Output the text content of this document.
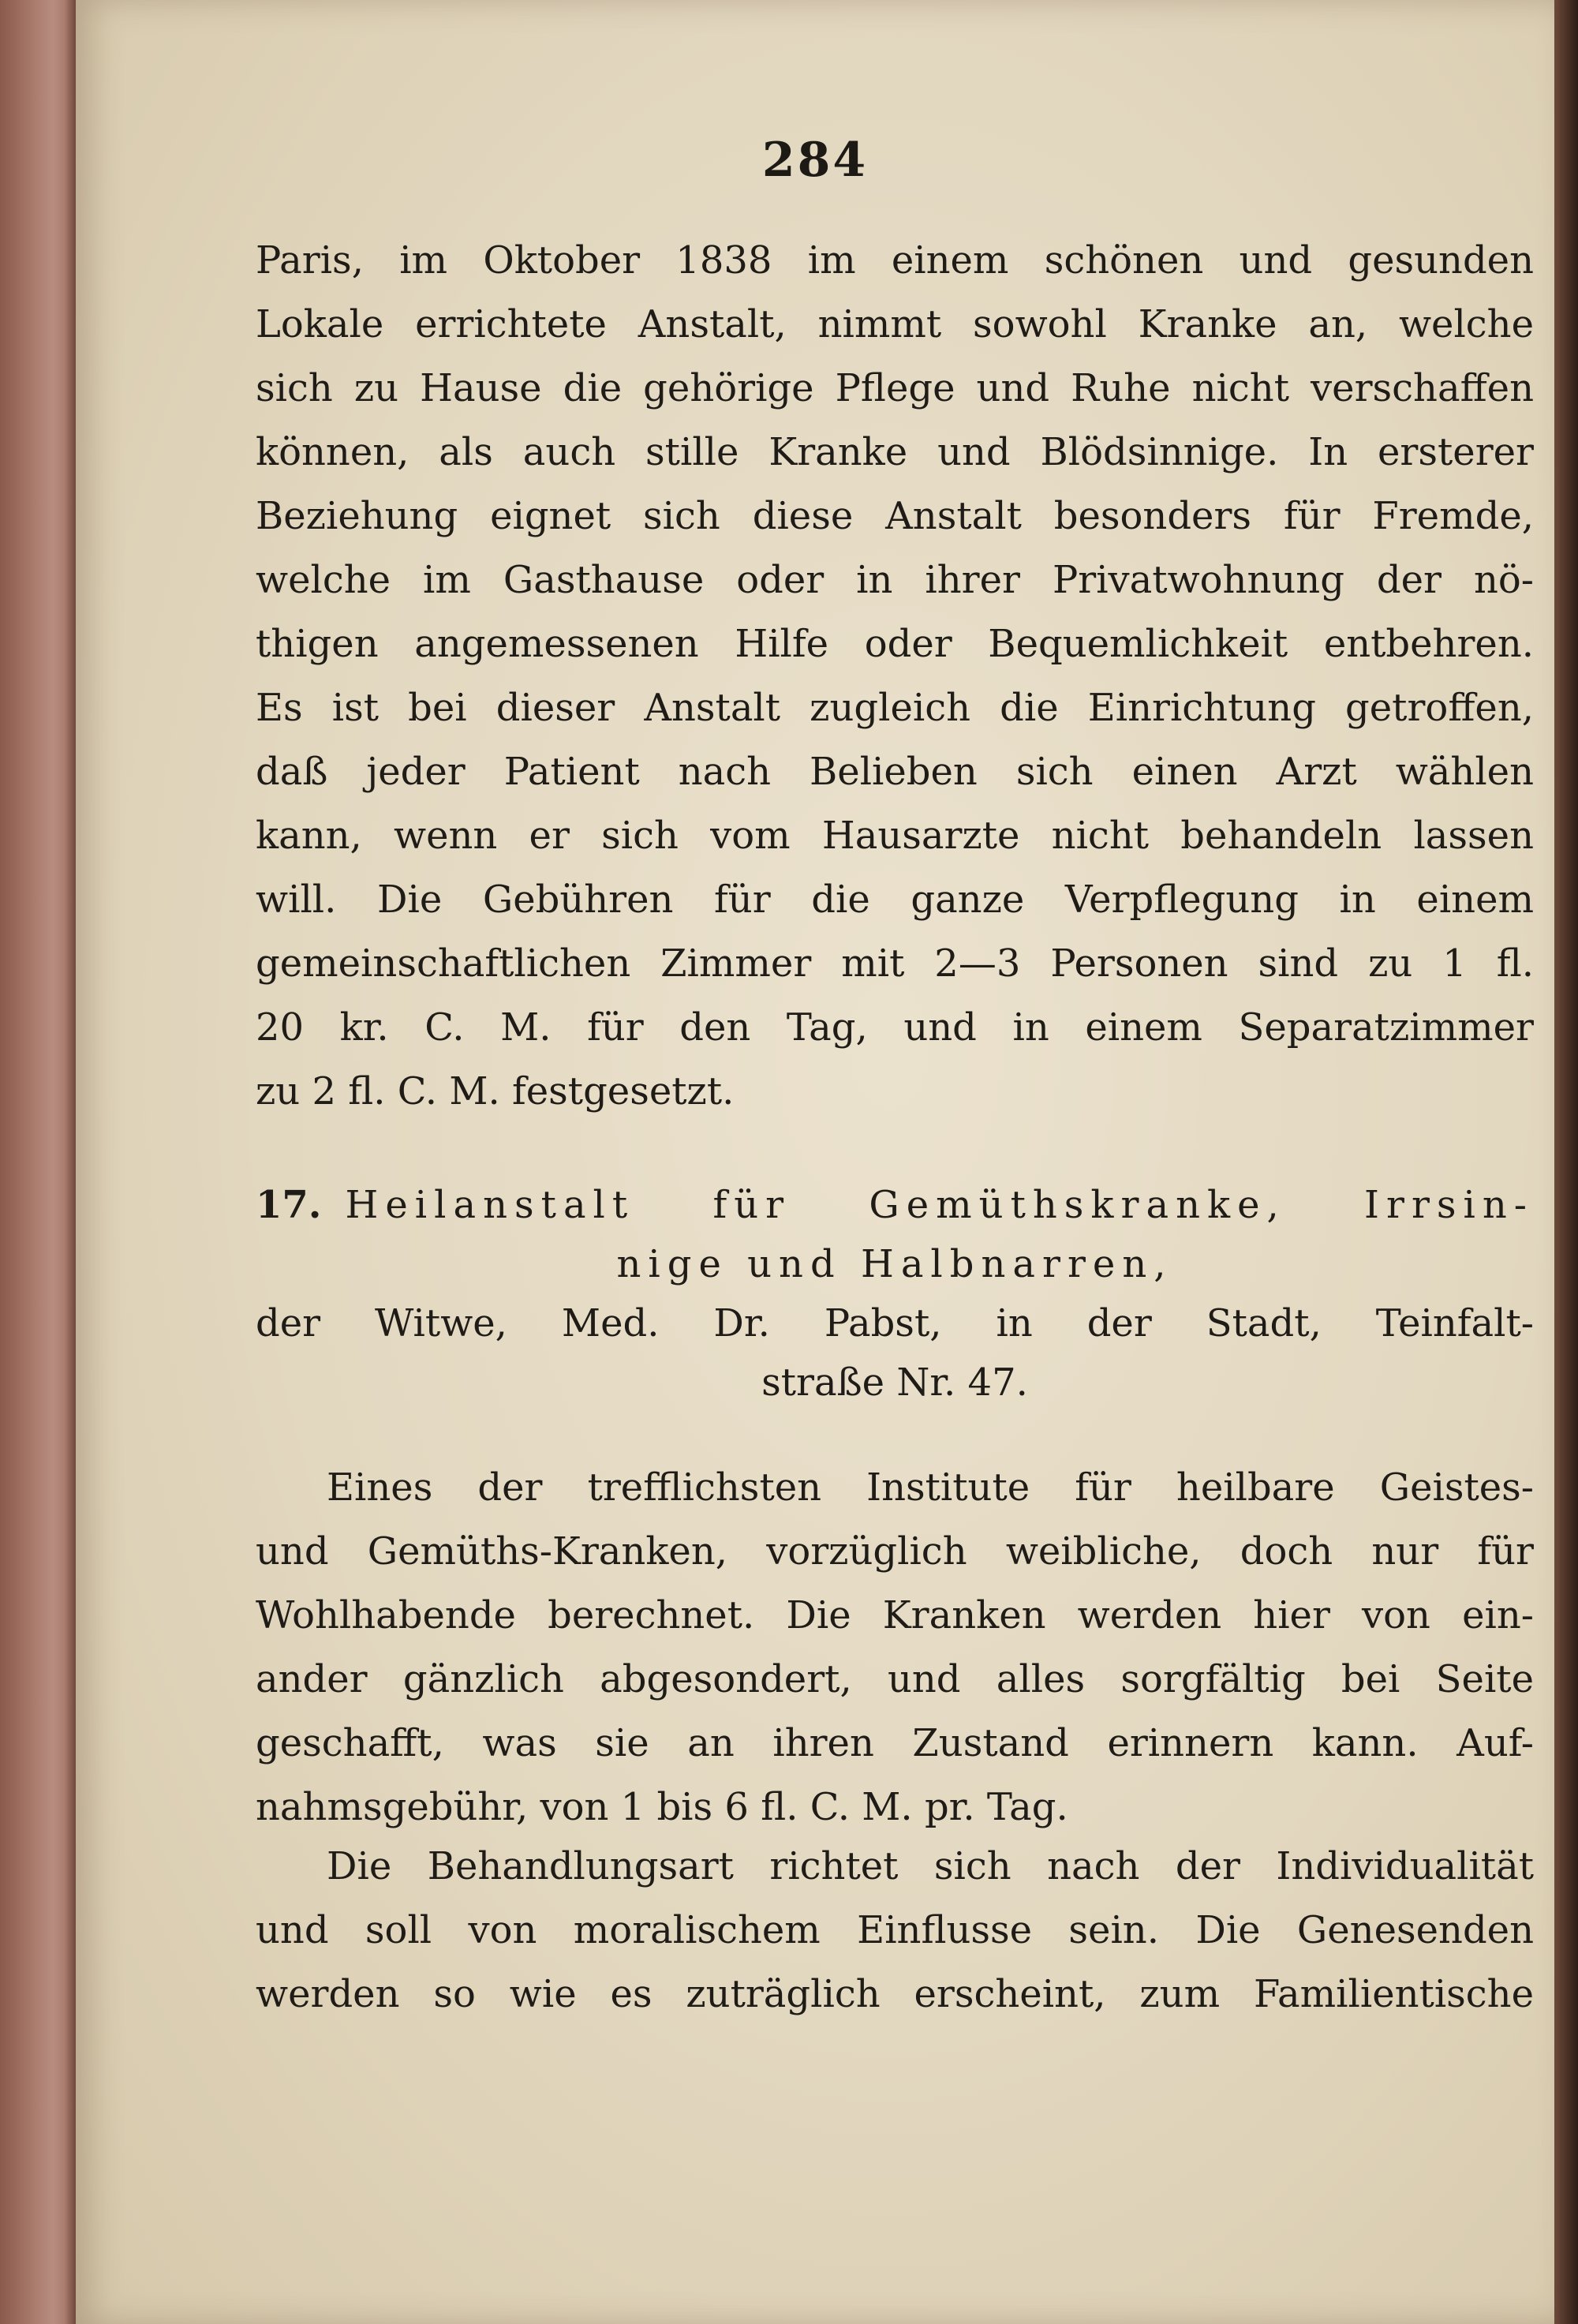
284
Paris, im Oktober 1838 im einem schönen und gesunden
Lokale errichtete Anstalt, nimmt sowohl Kranke an, welche
sich zu Hause die gehörige Pflege und Ruhe nicht verschaffen
können, als auch stille Kranke und Blödsinnige. In ersterer
Beziehung eignet sich diese Anstalt besonders für Fremde,
welche im Gasthause oder in ihrer Privatwohnung der nö-
thigen angemessenen Hilfe oder Bequemlichkeit entbehren.
Es ist bei dieser Anstalt zugleich die Einrichtung getroffen,
daß jeder Patient nach Belieben sich einen Arzt wählen
kann, wenn er sich vom Hausarzte nicht behandeln lassen
will. Die Gebühren für die ganze Verpflegung in einem
gemeinschaftlichen Zimmer mit 2—3 Personen sind zu 1 fl.
20 kr. C. M. für den Tag, und in einem Separatzimmer
zu 2 fl. C. M. festgesetzt.
17. Heilanstalt für Gemüthskranke, Irrsin-
nige und Halbnarren,
der Witwe, Med. Dr. Pabst, in der Stadt, Teinfalt-
straße Nr. 47.
Eines der trefflichsten Institute für heilbare Geistes-
und Gemüths-Kranken, vorzüglich weibliche, doch nur für
Wohlhabende berechnet. Die Kranken werden hier von ein-
ander gänzlich abgesondert, und alles sorgfältig bei Seite
geschafft, was sie an ihren Zustand erinnern kann. Auf-
nahmsgebühr, von 1 bis 6 fl. C. M. pr. Tag.
Die Behandlungsart richtet sich nach der Individualität
und soll von moralischem Einflusse sein. Die Genesenden
werden so wie es zuträglich erscheint, zum Familientische
